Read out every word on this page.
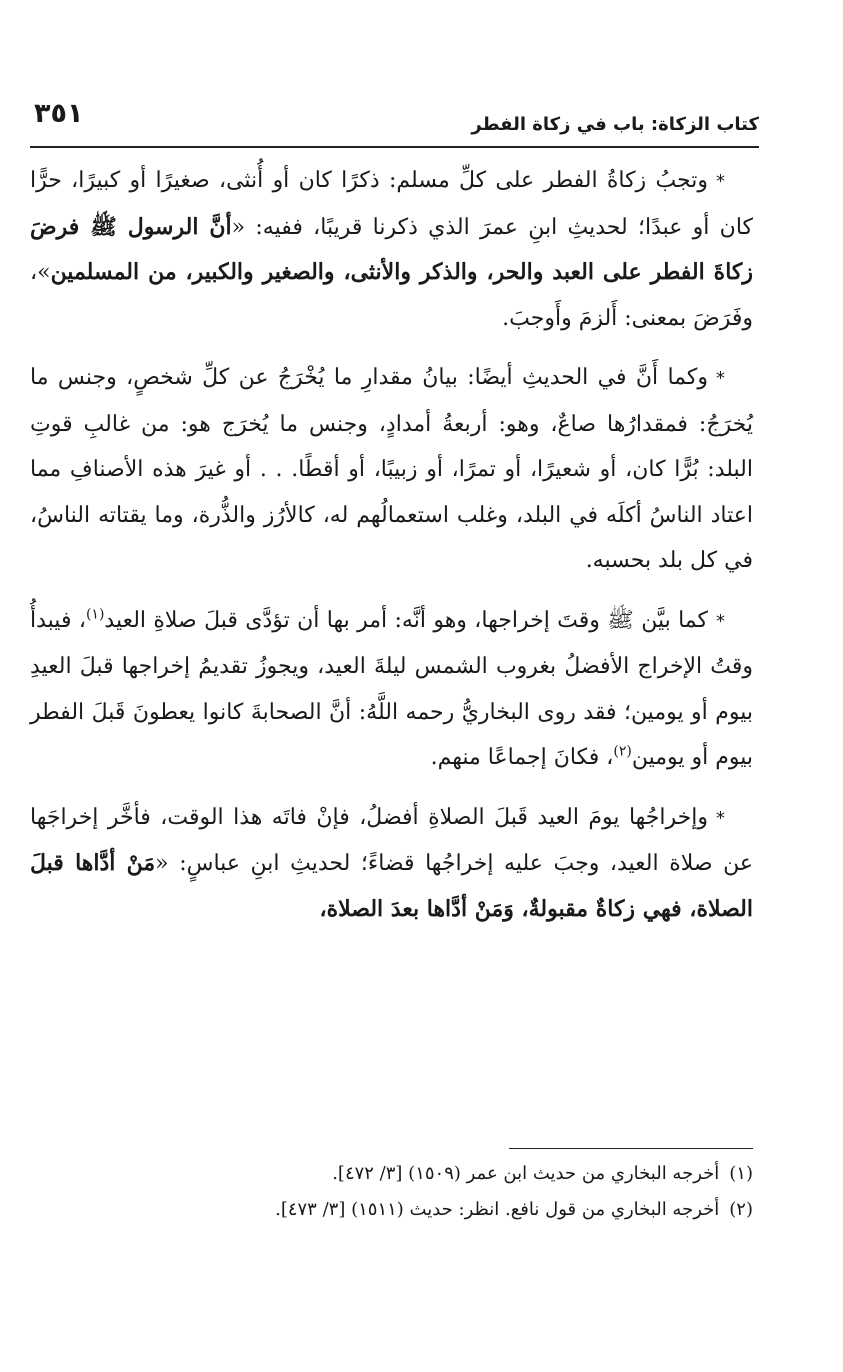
كتاب الزكاة: باب في زكاة الفطر
٣٥١

*وتجبُ زكاةُ الفطر على كلِّ مسلم: ذكرًا كان أو أُنثى، صغيرًا أو كبيرًا، حرًّا كان أو عبدًا؛ لحديثِ ابنِ عمرَ الذي ذكرنا قريبًا، ففيه: «أنَّ الرسول ﷺ فرضَ زكاةَ الفطر على العبد والحر، والذكر والأنثى، والصغير والكبير، من المسلمين»، وفَرَضَ بمعنى: أَلزمَ وأَوجبَ.

*وكما أَنَّ في الحديثِ أيضًا: بيانُ مقدارِ ما يُخْرَجُ عن كلِّ شخصٍ، وجنس ما يُخرَجُ: فمقدارُها صاعٌ، وهو: أربعةُ أمدادٍ، وجنس ما يُخرَج هو: من غالبِ قوتِ البلد: بُرًّا كان، أو شعيرًا، أو تمرًا، أو زبيبًا، أو أقطًا. . . أو غيرَ هذه الأصنافِ مما اعتاد الناسُ أكلَه في البلد، وغلب استعمالُهم له، كالأرُز والذُّرة، وما يقتاته الناسُ، في كل بلد بحسبه.

*كما بيَّن ﷺ وقتَ إخراجها، وهو أنَّه: أمر بها أن تؤدَّى قبلَ صلاةِ العيد$^{(١)}$، فيبدأُ وقتُ الإخراج الأفضلُ بغروب الشمس ليلةَ العيد، ويجوزُ تقديمُ إخراجها قبلَ العيدِ بيوم أو يومين؛ فقد روى البخاريُّ رحمه اللَّهُ: أنَّ الصحابةَ كانوا يعطونَ قَبلَ الفطر بيوم أو يومين$^{(٢)}$، فكانَ إجماعًا منهم.

*وإخراجُها يومَ العيد قَبلَ الصلاةِ أفضلُ، فإنْ فاتَه هذا الوقت، فأخَّر إخراجَها عن صلاة العيد، وجبَ عليه إخراجُها قضاءً؛ لحديثِ ابنِ عباسٍ: «مَنْ أدَّاها قبلَ الصلاة، فهي زكاةٌ مقبولةٌ، وَمَنْ أدَّاها بعدَ الصلاة،

(١)أخرجه البخاري من حديث ابن عمر (١٥٠٩) [٣/ ٤٧٢].

(٢)أخرجه البخاري من قول نافع. انظر: حديث (١٥١١) [٣/ ٤٧٣].
